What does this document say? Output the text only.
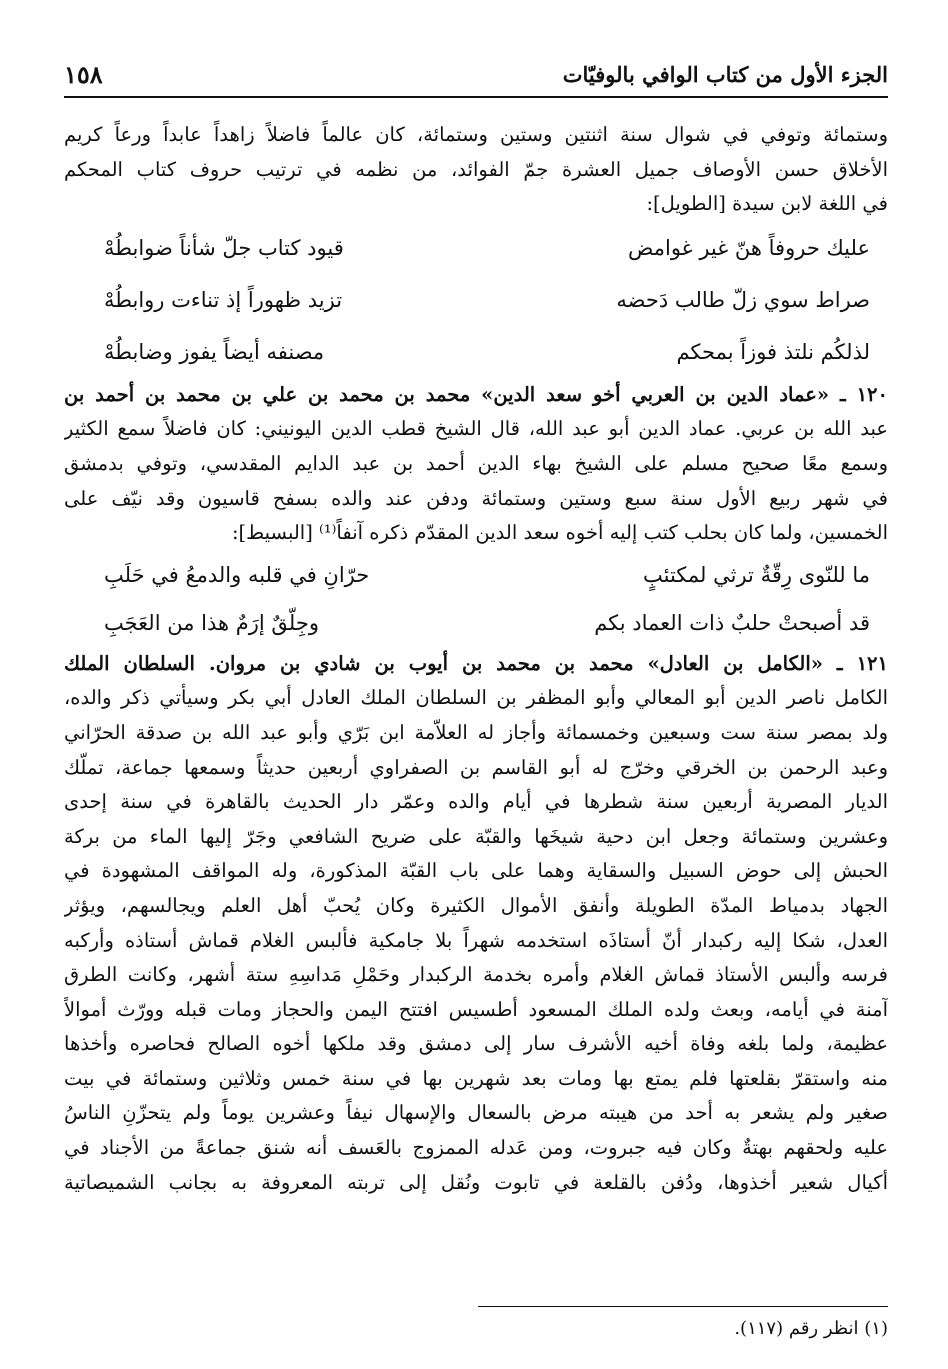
الجزء الأول من كتاب الوافي بالوفيّات
١٥٨
وستمائة وتوفي في شوال سنة اثنتين وستين وستمائة، كان عالماً فاضلاً زاهداً عابداً ورعاً كريم
الأخلاق حسن الأوصاف جميل العشرة جمّ الفوائد، من نظمه في ترتيب حروف كتاب المحكم
في اللغة لابن سيدة [الطويل]:
عليك حروفاً هنّ غير غوامض
قيود كتاب جلّ شأناً ضوابطُهْ
صراط سوي زلّ طالب دَحضه
تزيد ظهوراً إذ تناءت روابطُهْ
لذلكُم نلتذ فوزاً بمحكم
مصنفه أيضاً يفوز وضابطُهْ
١٢٠ ـ «عماد الدين بن العربي أخو سعد الدين» محمد بن محمد بن علي بن محمد بن أحمد بن
عبد الله بن عربي. عماد الدين أبو عبد الله، قال الشيخ قطب الدين اليونيني: كان فاضلاً سمع الكثير
وسمع معًا صحيح مسلم على الشيخ بهاء الدين أحمد بن عبد الدايم المقدسي، وتوفي بدمشق
في شهر ربيع الأول سنة سبع وستين وستمائة ودفن عند والده بسفح قاسيون وقد نيّف على
الخمسين، ولما كان بحلب كتب إليه أخوه سعد الدين المقدّم ذكره آنفاً⁽¹⁾ [البسيط]:
ما للنّوى رِقّةٌ ترثي لمكتئبٍ
حرّانِ في قلبه والدمعُ في حَلَبِ
قد أصبحتْ حلبٌ ذات العماد بكم
وجِلّقٌ إرَمٌ هذا من العَجَبِ
١٢١ ـ «الكامل بن العادل» محمد بن محمد بن أيوب بن شادي بن مروان. السلطان الملك
الكامل ناصر الدين أبو المعالي وأبو المظفر بن السلطان الملك العادل أبي بكر وسيأتي ذكر والده،
ولد بمصر سنة ست وسبعين وخمسمائة وأجاز له العلاّمة ابن بَرّي وأبو عبد الله بن صدقة الحرّاني
وعبد الرحمن بن الخرقي وخرّج له أبو القاسم بن الصفراوي أربعين حديثاً وسمعها جماعة، تملّك
الديار المصرية أربعين سنة شطرها في أيام والده وعمّر دار الحديث بالقاهرة في سنة إحدى
وعشرين وستمائة وجعل ابن دحية شيخَها والقبّة على ضريح الشافعي وجَرّ إليها الماء من بركة
الحبش إلى حوض السبيل والسقاية وهما على باب القبّة المذكورة، وله المواقف المشهودة في
الجهاد بدمياط المدّة الطويلة وأنفق الأموال الكثيرة وكان يُحبّ أهل العلم ويجالسهم، ويؤثر
العدل، شكا إليه ركبدار أنّ أستاذَه استخدمه شهراً بلا جامكية فألبس الغلام قماش أستاذه وأركبه
فرسه وألبس الأستاذ قماش الغلام وأمره بخدمة الركبدار وحَمْلِ مَداسِهِ ستة أشهر، وكانت الطرق
آمنة في أيامه، وبعث ولده الملك المسعود أطسيس افتتح اليمن والحجاز ومات قبله وورّث أموالاً
عظيمة، ولما بلغه وفاة أخيه الأشرف سار إلى دمشق وقد ملكها أخوه الصالح فحاصره وأخذها
منه واستقرّ بقلعتها فلم يمتع بها ومات بعد شهرين بها في سنة خمس وثلاثين وستمائة في بيت
صغير ولم يشعر به أحد من هيبته مرض بالسعال والإسهال نيفاً وعشرين يوماً ولم يتحزّنِ الناسُ
عليه ولحقهم بهتةٌ وكان فيه جبروت، ومن عَدله الممزوج بالعَسف أنه شنق جماعةً من الأجناد في
أكيال شعير أخذوها، ودُفن بالقلعة في تابوت ونُقل إلى تربته المعروفة به بجانب الشميصاتية
(١) انظر رقم (١١٧).
